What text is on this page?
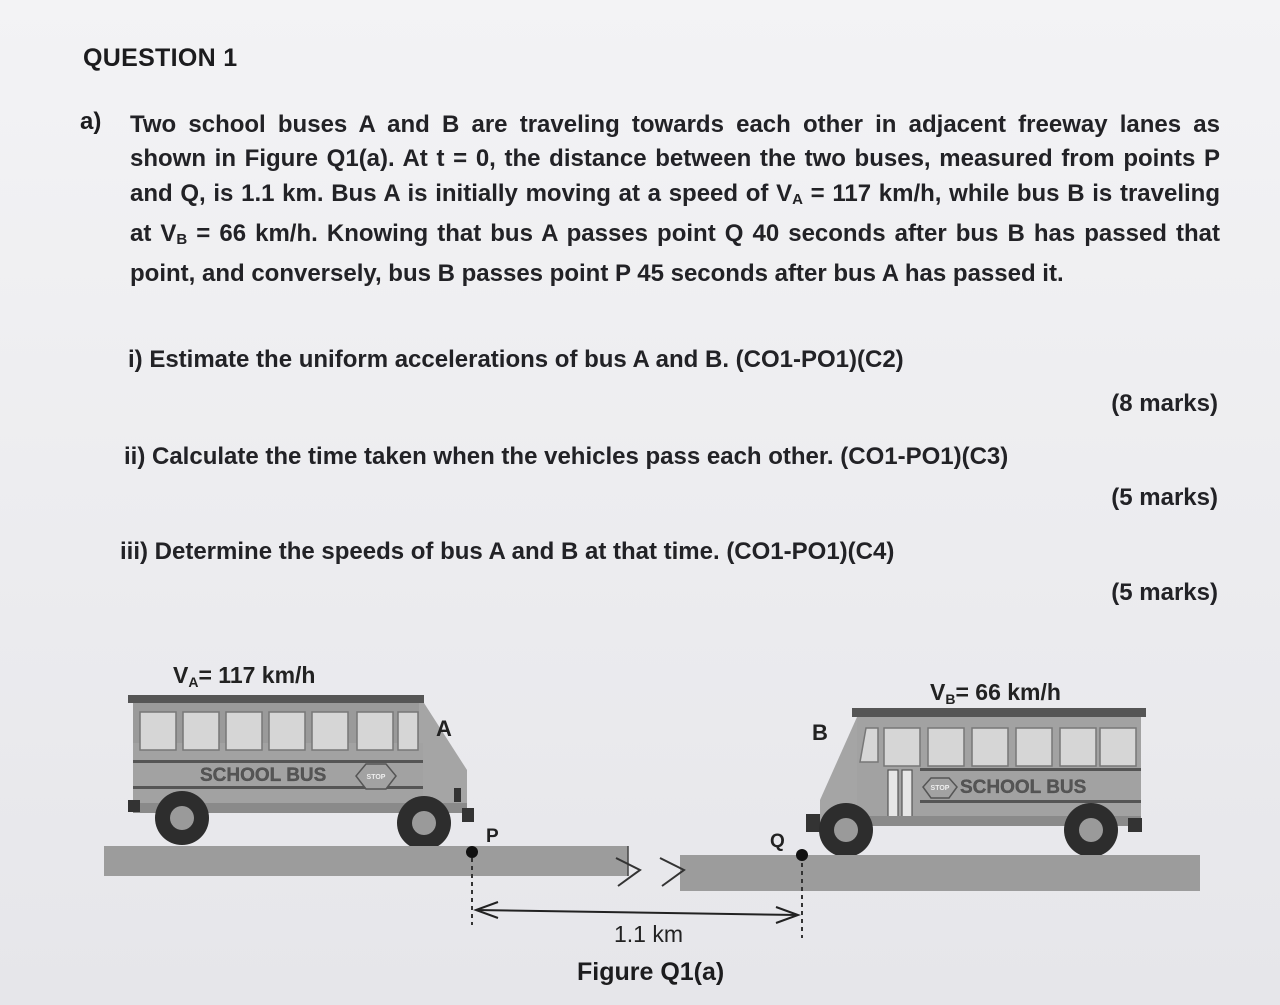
QUESTION 1
a) Two school buses A and B are traveling towards each other in adjacent freeway lanes as shown in Figure Q1(a). At t = 0, the distance between the two buses, measured from points P and Q, is 1.1 km. Bus A is initially moving at a speed of $V_A = 117$ km/h, while bus B is traveling at $V_B = 66$ km/h. Knowing that bus A passes point Q 40 seconds after bus B has passed that point, and conversely, bus B passes point P 45 seconds after bus A has passed it.
i) Estimate the uniform accelerations of bus A and B. (CO1-PO1)(C2)
(8 marks)
ii) Calculate the time taken when the vehicles pass each other. (CO1-PO1)(C3)
(5 marks)
iii) Determine the speeds of bus A and B at that time. (CO1-PO1)(C4)
(5 marks)
VA= 117 km/h
VB= 66 km/h
SCHOOL BUS	STOP
A
STOP SCHOOL BUS
B
P	Q
1.1 km
Figure Q1(a)
